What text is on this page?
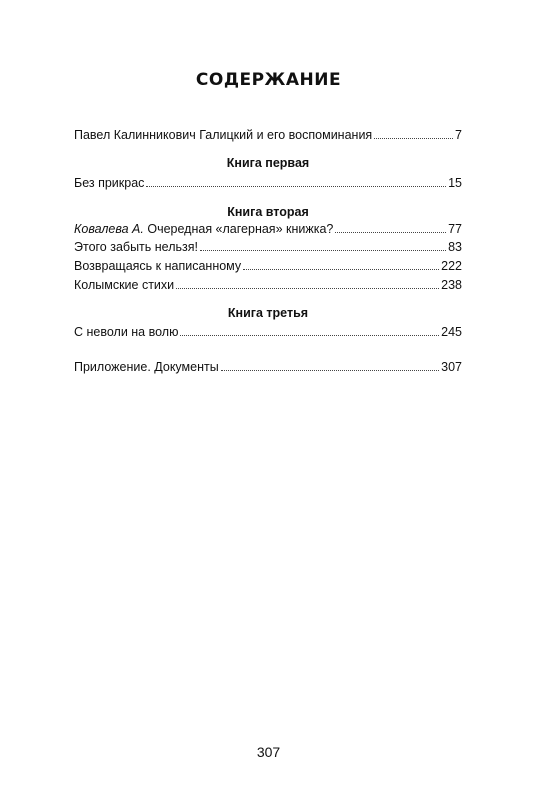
СОДЕРЖАНИЕ
Павел Калинникович Галицкий и его воспоминания	7
Книга первая
Без прикрас	15
Книга вторая
Ковалева А. Очередная «лагерная» книжка?	77
Этого забыть нельзя!	83
Возвращаясь к написанному	222
Колымские стихи	238
Книга третья
С неволи на волю	245
Приложение. Документы	307
307
